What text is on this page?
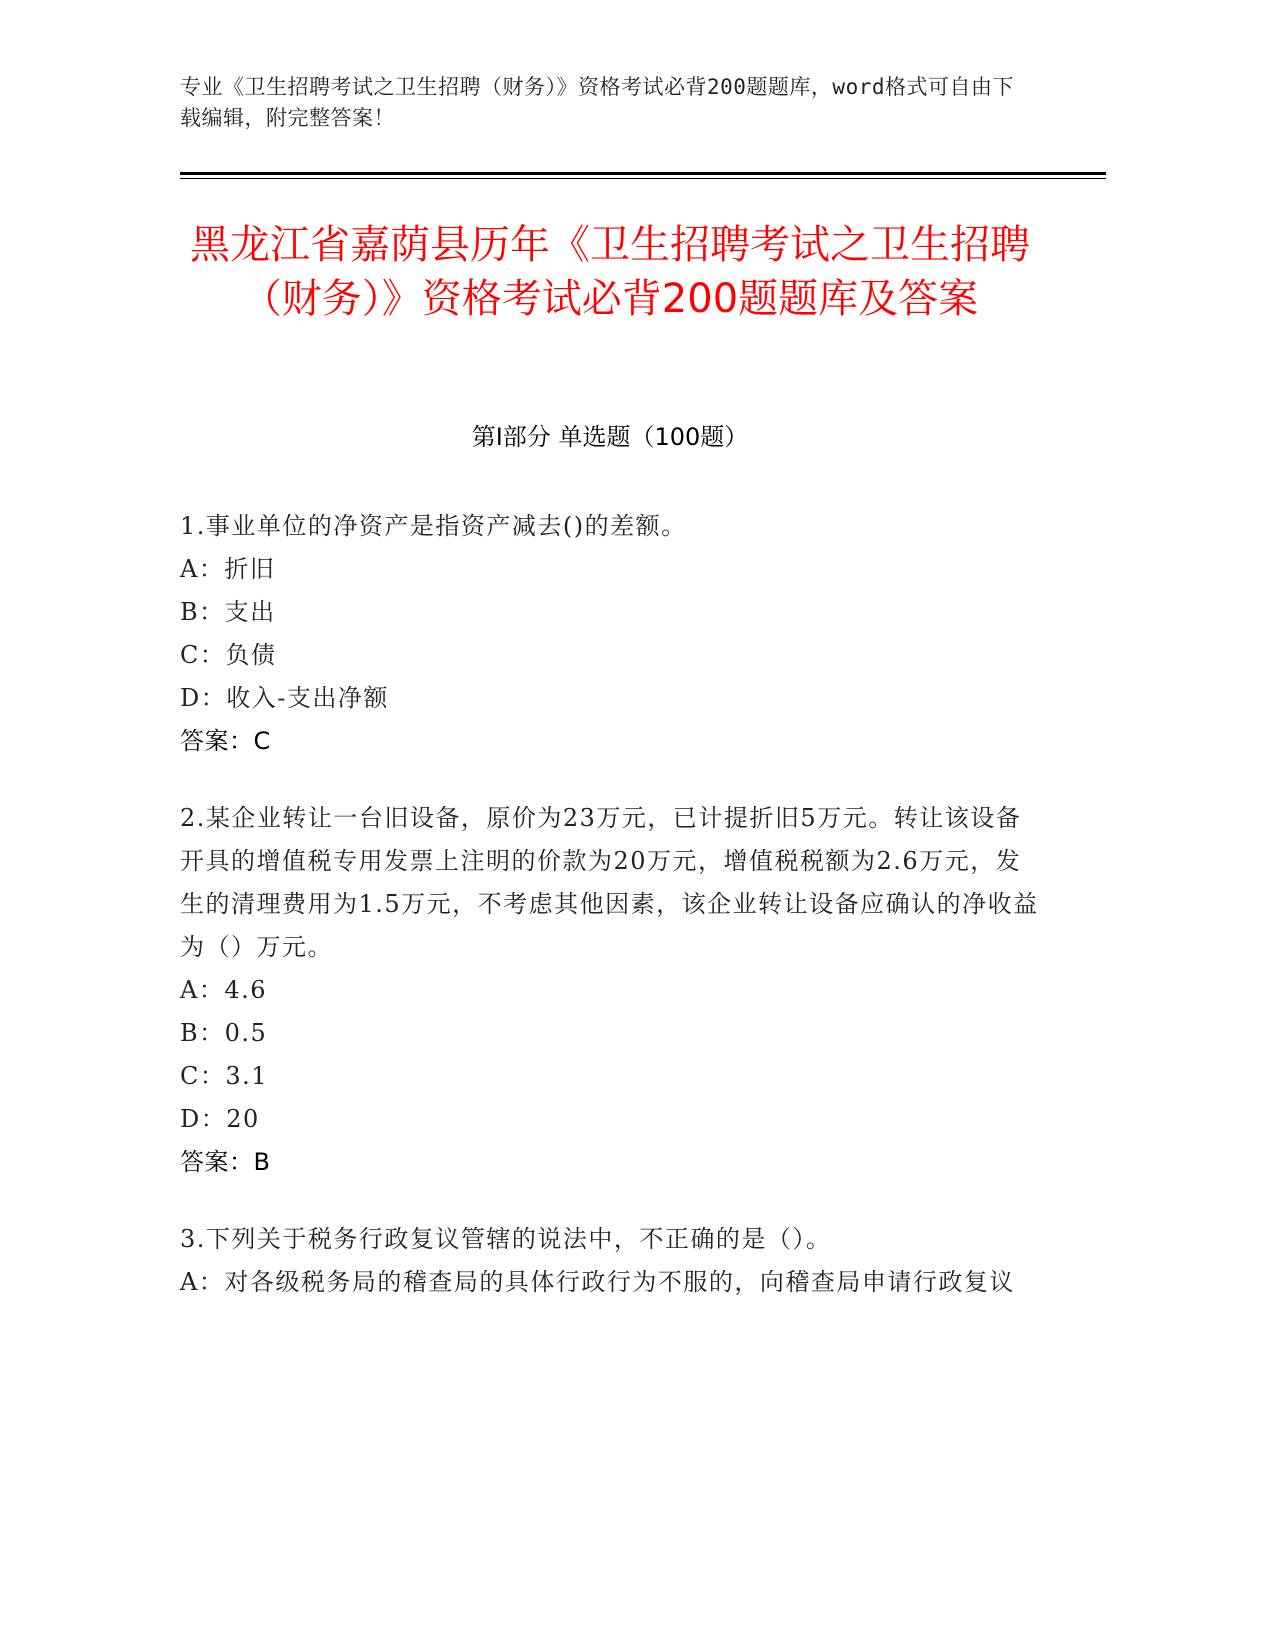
专业《卫生招聘考试之卫生招聘（财务）》资格考试必背200题题库，word格式可自由下载编辑，附完整答案！
黑龙江省嘉荫县历年《卫生招聘考试之卫生招聘（财务）》资格考试必背200题题库及答案
第I部分 单选题（100题）

1.事业单位的净资产是指资产减去()的差额。

A：折旧

B：支出

C：负债

D：收入-支出净额

答案：C

2.某企业转让一台旧设备，原价为23万元，已计提折旧5万元。转让该设备开具的增值税专用发票上注明的价款为20万元，增值税税额为2.6万元，发生的清理费用为1.5万元，不考虑其他因素，该企业转让设备应确认的净收益为（）万元。

A：4.6

B：0.5

C：3.1

D：20

答案：B

3.下列关于税务行政复议管辖的说法中，不正确的是（）。

A：对各级税务局的稽查局的具体行政行为不服的，向稽查局申请行政复议
